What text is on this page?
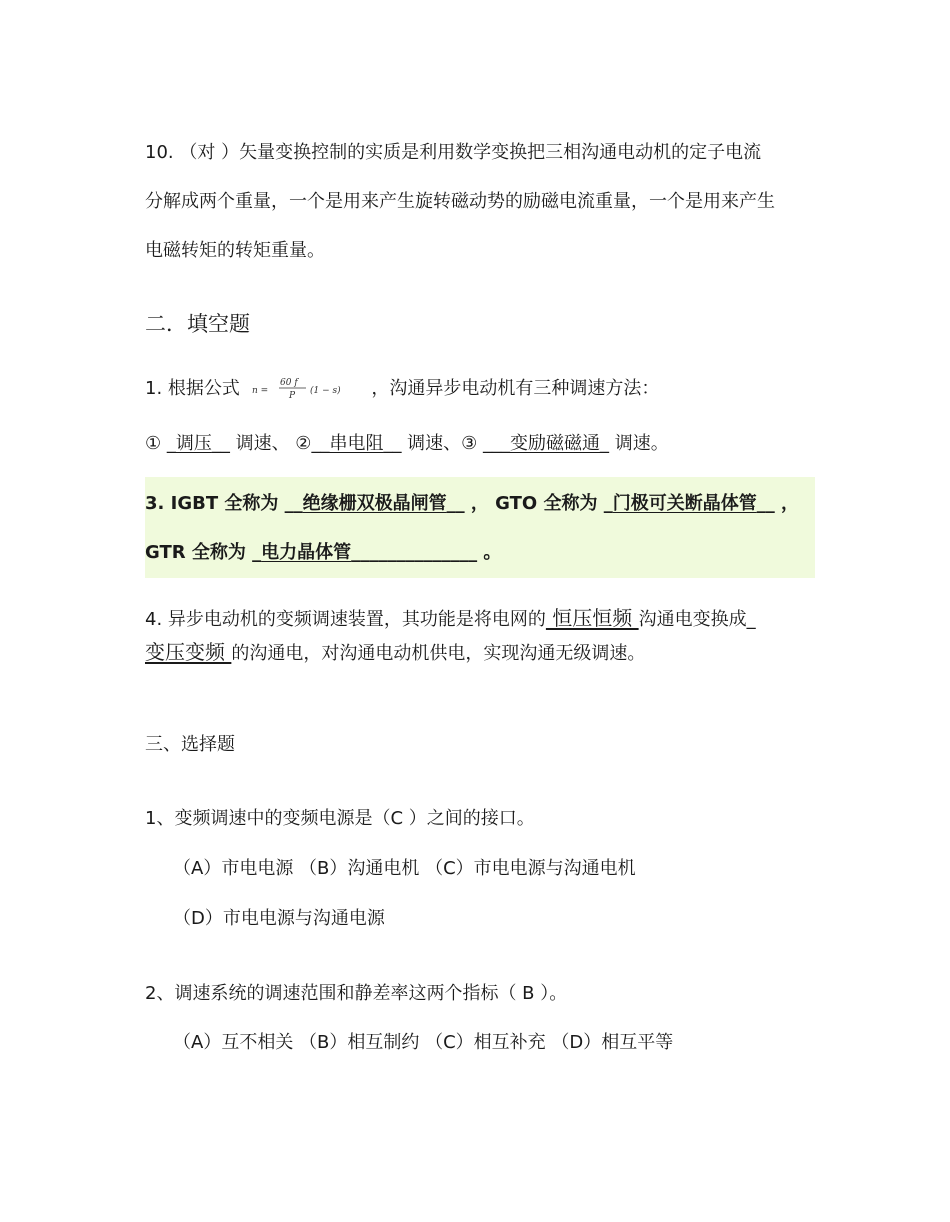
10. （对 ）矢量变换控制的实质是利用数学变换把三相沟通电动机的定子电流
分解成两个重量，一个是用来产生旋转磁动势的励磁电流重量，一个是用来产生
电磁转矩的转矩重量。
二．填空题
1. 根据公式 n =
60 f
P (1 − s) ，沟通异步电动机有三种调速方法：
① _调压__ 调速、 ②__串电阻__ 调速、③ ___变励磁磁通_ 调速。
3. IGBT 全称为 __绝缘栅双极晶闸管__ ， GTO 全称为 _门极可关断晶体管__ ，
GTR 全称为 _电力晶体管______________ 。
4. 异步电动机的变频调速装置，其功能是将电网的 恒压恒频 沟通电变换成_
变压变频 的沟通电，对沟通电动机供电，实现沟通无级调速。
三、选择题
1、变频调速中的变频电源是（C ）之间的接口。
（A）市电电源 （B）沟通电机 （C）市电电源与沟通电机
（D）市电电源与沟通电源
2、调速系统的调速范围和静差率这两个指标（ B ）。
（A）互不相关 （B）相互制约 （C）相互补充 （D）相互平等
